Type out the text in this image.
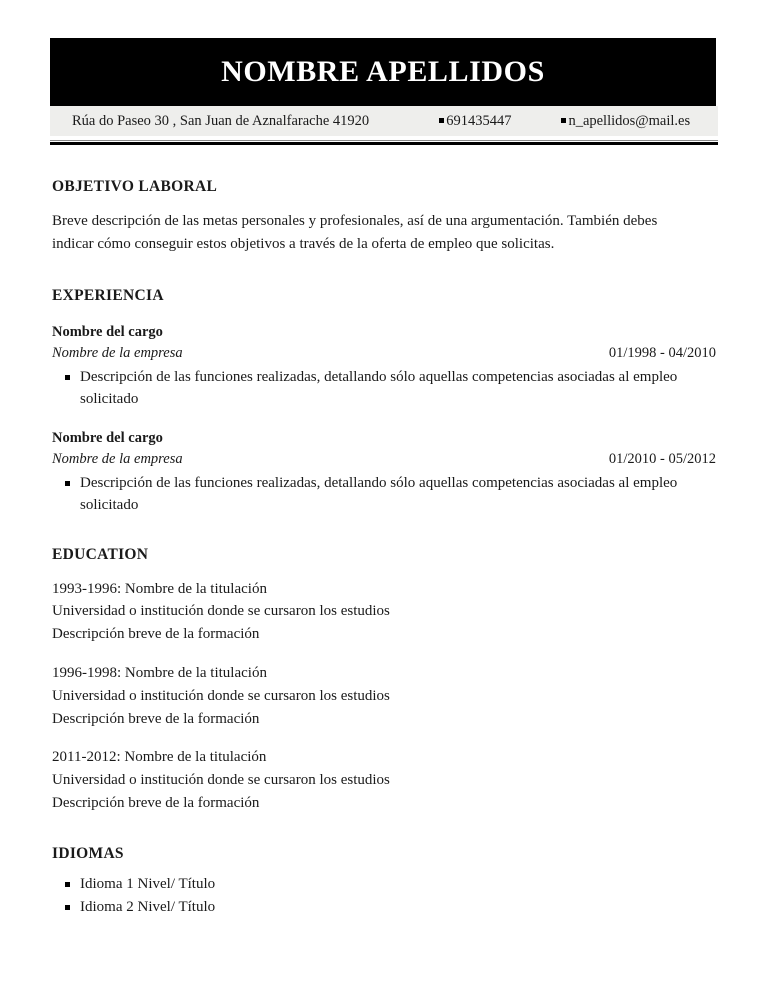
NOMBRE APELLIDOS
Rúa do Paseo 30 , San Juan de Aznalfarache 41920	691435447	n_apellidos@mail.es
OBJETIVO LABORAL

Breve descripción de las metas personales y profesionales, así de una argumentación. También debes indicar cómo conseguir estos objetivos a través de la oferta de empleo que solicitas.

EXPERIENCIA
Nombre del cargo
Nombre de la empresa	01/1998 - 04/2010
Descripción de las funciones realizadas, detallando sólo aquellas competencias asociadas al empleo solicitado
Nombre del cargo
Nombre de la empresa	01/2010 - 05/2012
Descripción de las funciones realizadas, detallando sólo aquellas competencias asociadas al empleo solicitado
EDUCATION
1993-1996: Nombre de la titulación
Universidad o institución donde se cursaron los estudios
Descripción breve de la formación
1996-1998: Nombre de la titulación
Universidad o institución donde se cursaron los estudios
Descripción breve de la formación
2011-2012: Nombre de la titulación
Universidad o institución donde se cursaron los estudios
Descripción breve de la formación
IDIOMAS
Idioma 1 Nivel/ Título
Idioma 2 Nivel/ Título
